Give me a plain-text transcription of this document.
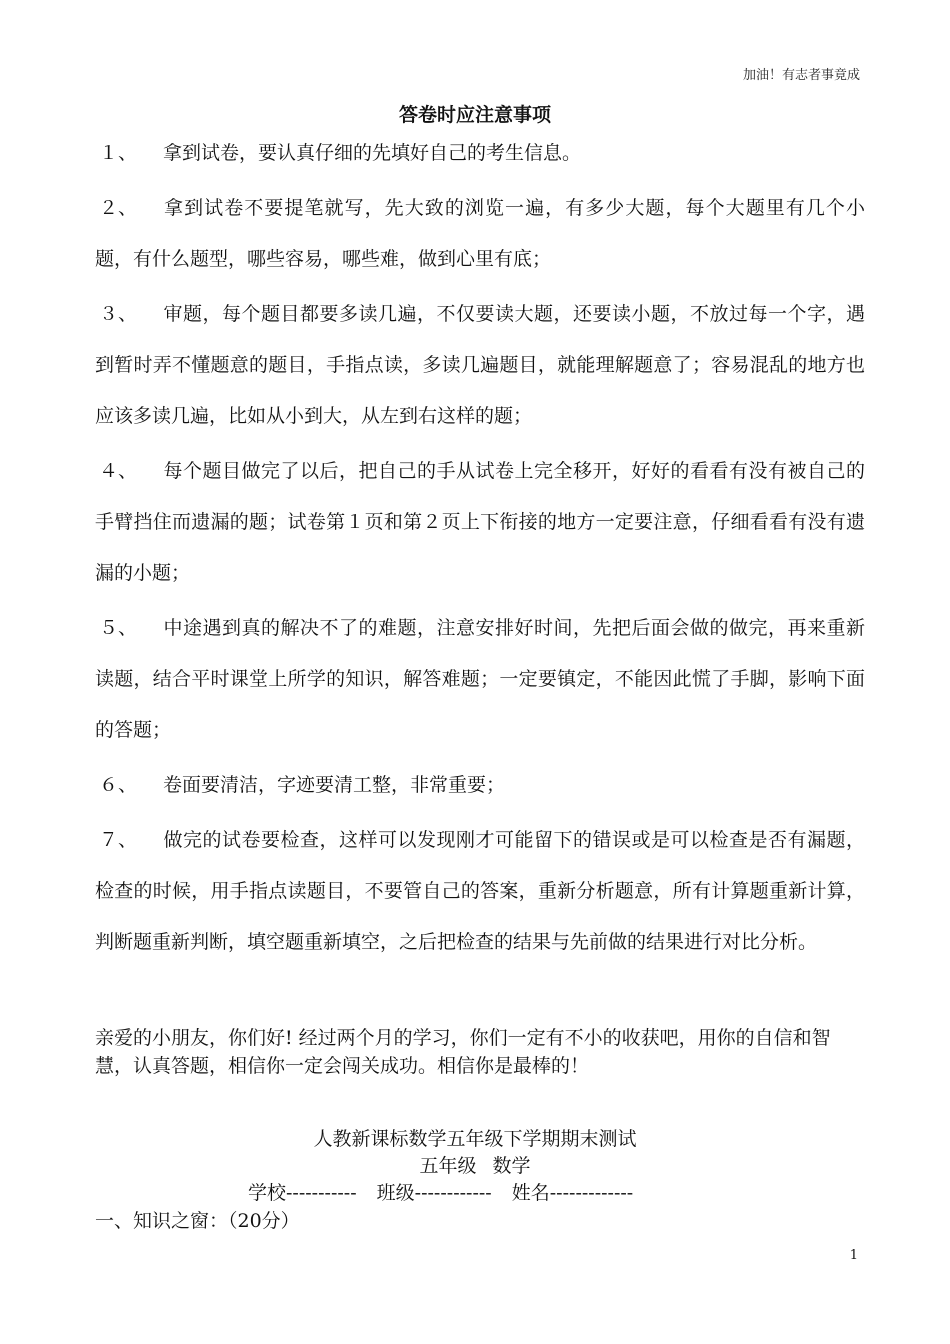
加油！有志者事竟成
答卷时应注意事项

１、 拿到试卷，要认真仔细的先填好自己的考生信息。

２、 拿到试卷不要提笔就写，先大致的浏览一遍，有多少大题，每个大题里有几个小题，有什么题型，哪些容易，哪些难，做到心里有底；

３、 审题，每个题目都要多读几遍，不仅要读大题，还要读小题，不放过每一个字，遇到暂时弄不懂题意的题目，手指点读，多读几遍题目，就能理解题意了；容易混乱的地方也应该多读几遍，比如从小到大，从左到右这样的题；

４、 每个题目做完了以后，把自己的手从试卷上完全移开，好好的看看有没有被自己的手臂挡住而遗漏的题；试卷第１页和第２页上下衔接的地方一定要注意，仔细看看有没有遗漏的小题；

５、 中途遇到真的解决不了的难题，注意安排好时间，先把后面会做的做完，再来重新读题，结合平时课堂上所学的知识，解答难题；一定要镇定，不能因此慌了手脚，影响下面的答题；

６、 卷面要清洁，字迹要清工整，非常重要；

７、 做完的试卷要检查，这样可以发现刚才可能留下的错误或是可以检查是否有漏题，检查的时候，用手指点读题目，不要管自己的答案，重新分析题意，所有计算题重新计算，判断题重新判断，填空题重新填空，之后把检查的结果与先前做的结果进行对比分析。

亲爱的小朋友，你们好! 经过两个月的学习，你们一定有不小的收获吧，用你的自信和智慧，认真答题，相信你一定会闯关成功。相信你是最棒的！
人教新课标数学五年级下学期期末测试
五年级 数学
学校----------- 班级------------ 姓名-------------
一、知识之窗：（20分）
1
